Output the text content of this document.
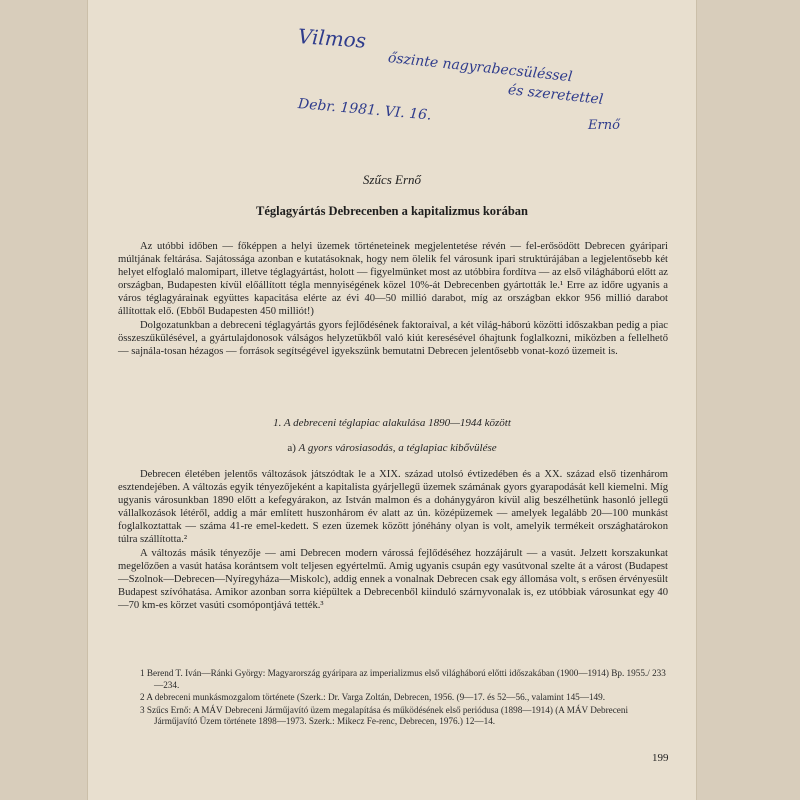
Vilmos
őszinte nagyrabecsüléssel
Debr. 1981. VI. 16.
és szeretettel
Ernő
Szűcs Ernő
Téglagyártás Debrecenben a kapitalizmus korában

Az utóbbi időben — főképpen a helyi üzemek történeteinek megjelentetése révén — fel-erősödött Debrecen gyáripari múltjának feltárása. Sajátossága azonban e kutatásoknak, hogy nem ölelik fel városunk ipari struktúrájában a legjelentősebb két helyet elfoglaló malomipart, illetve téglagyártást, holott — figyelmünket most az utóbbira fordítva — az első világháború előtt az országban, Budapesten kívül előállított tégla mennyiségének közel 10%-át Debrecenben gyártották le.¹ Erre az időre ugyanis a város téglagyárainak együttes kapacitása elérte az évi 40—50 millió darabot, míg az országban ekkor 956 millió darabot állítottak elő. (Ebből Budapesten 450 milliót!)

Dolgozatunkban a debreceni téglagyártás gyors fejlődésének faktoraival, a két világ-háború közötti időszakban pedig a piac összeszűkülésével, a gyártulajdonosok válságos helyzetükből való kiút keresésével óhajtunk foglalkozni, miközben a fellelhető — sajnála-tosan hézagos — források segítségével igyekszünk bemutatni Debrecen jelentősebb vonat-kozó üzemeit is.

1. A debreceni téglapiac alakulása 1890—1944 között
a) A gyors városiasodás, a téglapiac kibővülése

Debrecen életében jelentős változások játszódtak le a XIX. század utolsó évtizedében és a XX. század első tizenhárom esztendejében. A változás egyik tényezőjeként a kapitalista gyárjellegű üzemek számának gyors gyarapodását kell kiemelni. Míg ugyanis városunkban 1890 előtt a kefegyárakon, az István malmon és a dohánygyáron kívül alig beszélhetünk hasonló jellegű vállalkozások létéről, addig a már említett huszonhárom év alatt az ún. középüzemek — amelyek legalább 20—100 munkást foglalkoztattak — száma 41-re emel-kedett. S ezen üzemek között jónéhány olyan is volt, amelyik termékeit országhatárokon túlra szállította.²

A változás másik tényezője — ami Debrecen modern várossá fejlődéséhez hozzájárult — a vasút. Jelzett korszakunkat megelőzően a vasút hatása korántsem volt teljesen egyértelmű. Amig ugyanis csupán egy vasútvonal szelte át a várost (Budapest—Szolnok—Debrecen—Nyíregyháza—Miskolc), addig ennek a vonalnak Debrecen csak egy állomása volt, s erősen érvényesült Budapest szívóhatása. Amikor azonban sorra kiépültek a Debrecenből kiinduló szárnyvonalak is, ez utóbbiak városunkat egy 40—70 km-es körzet vasúti csomópontjává tették.³

1 Berend T. Iván—Ránki György: Magyarország gyáripara az imperializmus első világháború előtti időszakában (1900—1914) Bp. 1955./ 233—234.

2 A debreceni munkásmozgalom története (Szerk.: Dr. Varga Zoltán, Debrecen, 1956. (9—17. és 52—56., valamint 145—149.

3 Szűcs Ernő: A MÁV Debreceni Járműjavító üzem megalapítása és működésének első periódusa (1898—1914) (A MÁV Debreceni Járműjavító Üzem története 1898—1973. Szerk.: Mikecz Fe-renc, Debrecen, 1976.) 12—14.

199
